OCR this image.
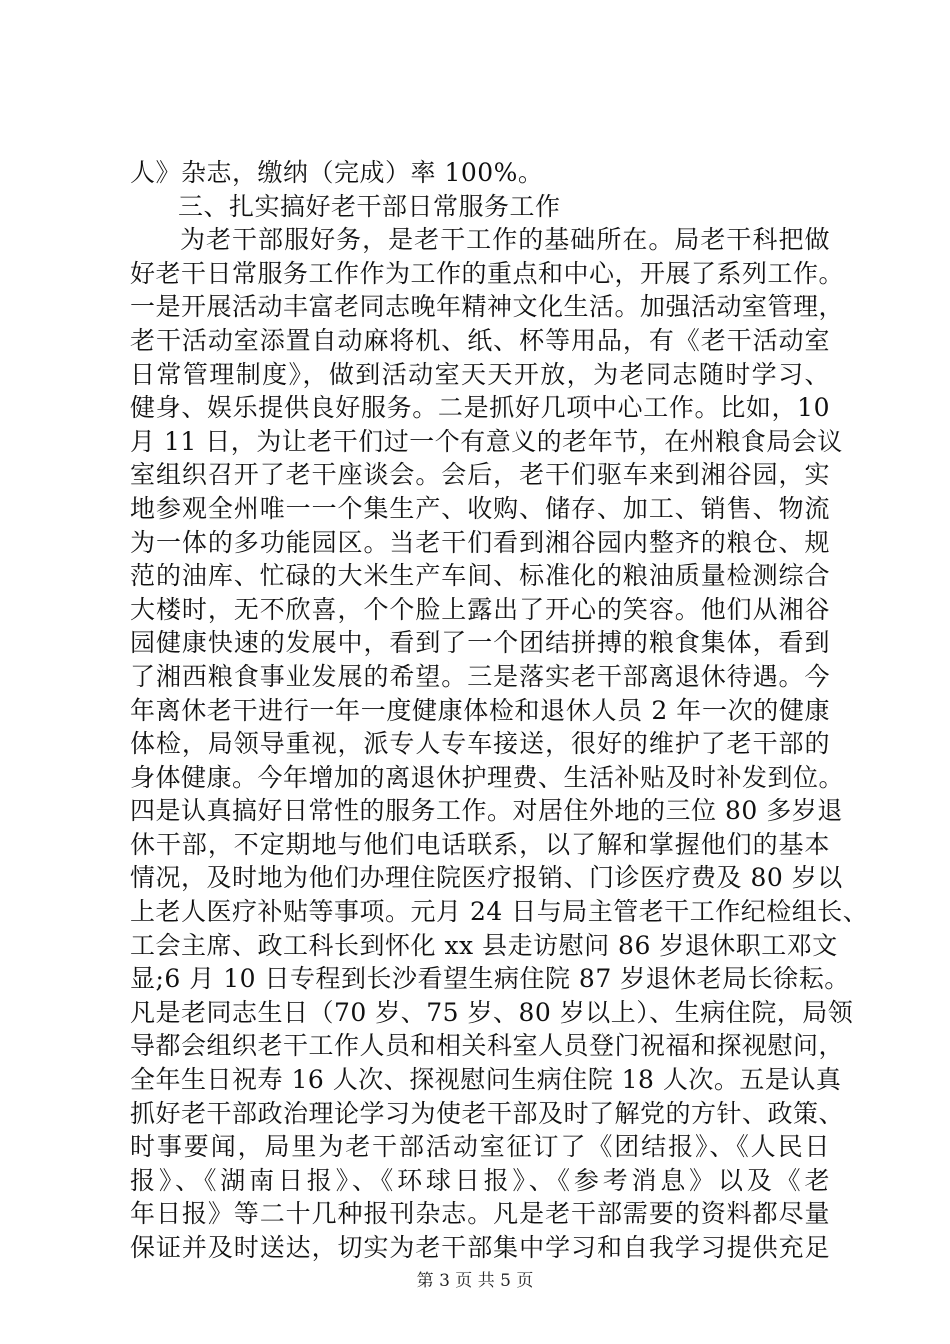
人》杂志，缴纳（完成）率 100%。
三、扎实搞好老干部日常服务工作
为老干部服好务，是老干工作的基础所在。局老干科把做
好老干日常服务工作作为工作的重点和中心，开展了系列工作。
一是开展活动丰富老同志晚年精神文化生活。加强活动室管理，
老干活动室添置自动麻将机、纸、杯等用品，有《老干活动室
日常管理制度》，做到活动室天天开放，为老同志随时学习、
健身、娱乐提供良好服务。二是抓好几项中心工作。比如，10
月 11 日，为让老干们过一个有意义的老年节，在州粮食局会议
室组织召开了老干座谈会。会后，老干们驱车来到湘谷园，实
地参观全州唯一一个集生产、收购、储存、加工、销售、物流
为一体的多功能园区。当老干们看到湘谷园内整齐的粮仓、规
范的油库、忙碌的大米生产车间、标准化的粮油质量检测综合
大楼时，无不欣喜，个个脸上露出了开心的笑容。他们从湘谷
园健康快速的发展中，看到了一个团结拼搏的粮食集体，看到
了湘西粮食事业发展的希望。三是落实老干部离退休待遇。今
年离休老干进行一年一度健康体检和退休人员 2 年一次的健康
体检，局领导重视，派专人专车接送，很好的维护了老干部的
身体健康。今年增加的离退休护理费、生活补贴及时补发到位。
四是认真搞好日常性的服务工作。对居住外地的三位 80 多岁退
休干部，不定期地与他们电话联系，以了解和掌握他们的基本
情况，及时地为他们办理住院医疗报销、门诊医疗费及 80 岁以
上老人医疗补贴等事项。元月 24 日与局主管老干工作纪检组长、
工会主席、政工科长到怀化 xx 县走访慰问 86 岁退休职工邓文
显;6 月 10 日专程到长沙看望生病住院 87 岁退休老局长徐耘。
凡是老同志生日（70 岁、75 岁、80 岁以上）、生病住院，局领
导都会组织老干工作人员和相关科室人员登门祝福和探视慰问，
全年生日祝寿 16 人次、探视慰问生病住院 18 人次。五是认真
抓好老干部政治理论学习为使老干部及时了解党的方针、政策、
时事要闻，局里为老干部活动室征订了《团结报》、《人民日
报》、《湖南日报》、《环球日报》、《参考消息》以及《老
年日报》等二十几种报刊杂志。凡是老干部需要的资料都尽量
保证并及时送达，切实为老干部集中学习和自我学习提供充足
第 3 页 共 5 页
